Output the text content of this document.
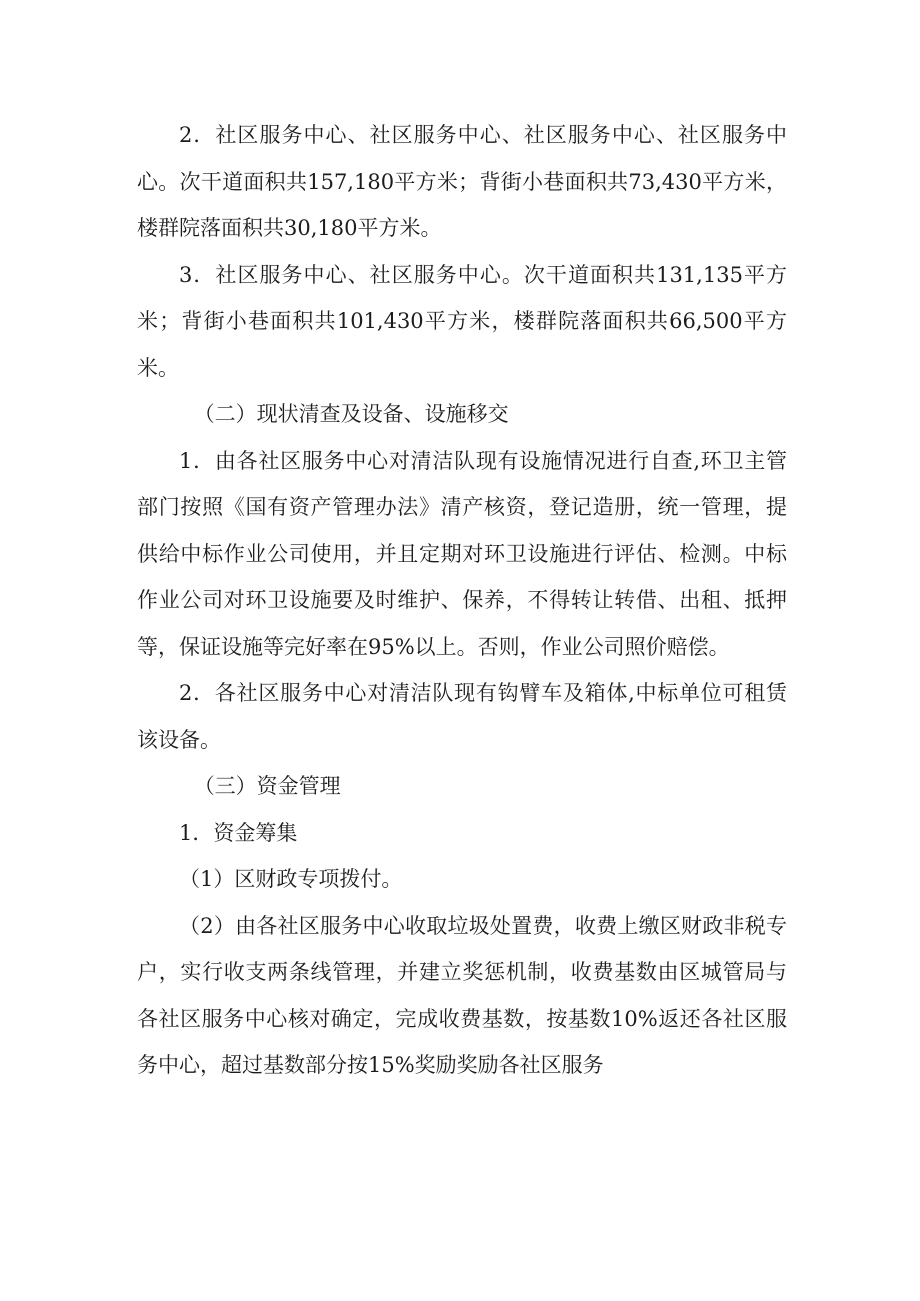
2．社区服务中心、社区服务中心、社区服务中心、社区服务中心。次干道面积共157,180平方米；背街小巷面积共73,430平方米，楼群院落面积共30,180平方米。

3．社区服务中心、社区服务中心。次干道面积共131,135平方米；背街小巷面积共101,430平方米，楼群院落面积共66,500平方米。

（二）现状清查及设备、设施移交

1．由各社区服务中心对清洁队现有设施情况进行自查,环卫主管部门按照《国有资产管理办法》清产核资，登记造册，统一管理，提供给中标作业公司使用，并且定期对环卫设施进行评估、检测。中标作业公司对环卫设施要及时维护、保养，不得转让转借、出租、抵押等，保证设施等完好率在95%以上。否则，作业公司照价赔偿。

2．各社区服务中心对清洁队现有钩臂车及箱体,中标单位可租赁该设备。

（三）资金管理

1．资金筹集

（1）区财政专项拨付。

（2）由各社区服务中心收取垃圾处置费，收费上缴区财政非税专户，实行收支两条线管理，并建立奖惩机制，收费基数由区城管局与各社区服务中心核对确定，完成收费基数，按基数10%返还各社区服务中心，超过基数部分按15%奖励奖励各社区服务
